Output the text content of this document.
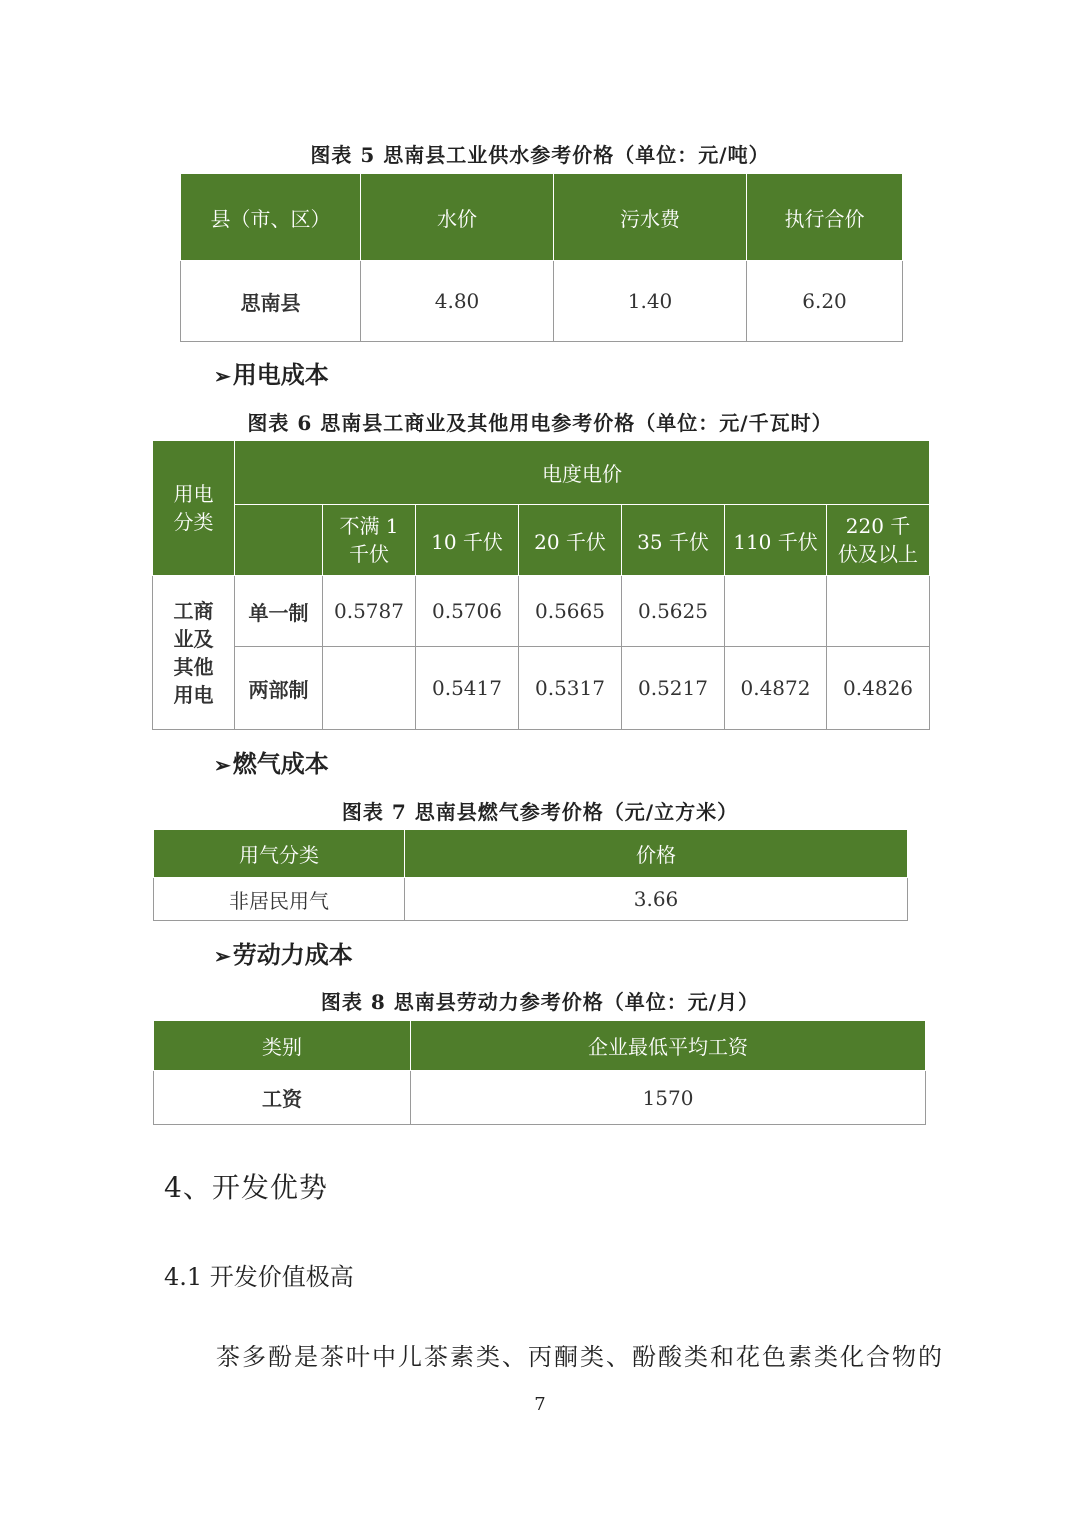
图表 5 思南县工业供水参考价格（单位：元/吨）
县（市、区）	水价	污水费	执行合价
思南县	4.80	1.40	6.20
➢用电成本
图表 6 思南县工商业及其他用电参考价格（单位：元/千瓦时）
用电分类	电度电价						

		不满 1 千伏	10 千伏	20 千伏	35 千伏	110 千伏	220 千伏及以上

工商业及其他用电	单一制	0.5787	0.5706	0.5665	0.5625		
	两部制		0.5417	0.5317	0.5217	0.4872	0.4826
➢燃气成本
图表 7 思南县燃气参考价格（元/立方米）
用气分类	价格
非居民用气	3.66
➢劳动力成本
图表 8 思南县劳动力参考价格（单位：元/月）
类别	企业最低平均工资
工资	1570
4、开发优势
4.1 开发价值极高
茶多酚是茶叶中儿茶素类、丙酮类、酚酸类和花色素类化合物的
7
